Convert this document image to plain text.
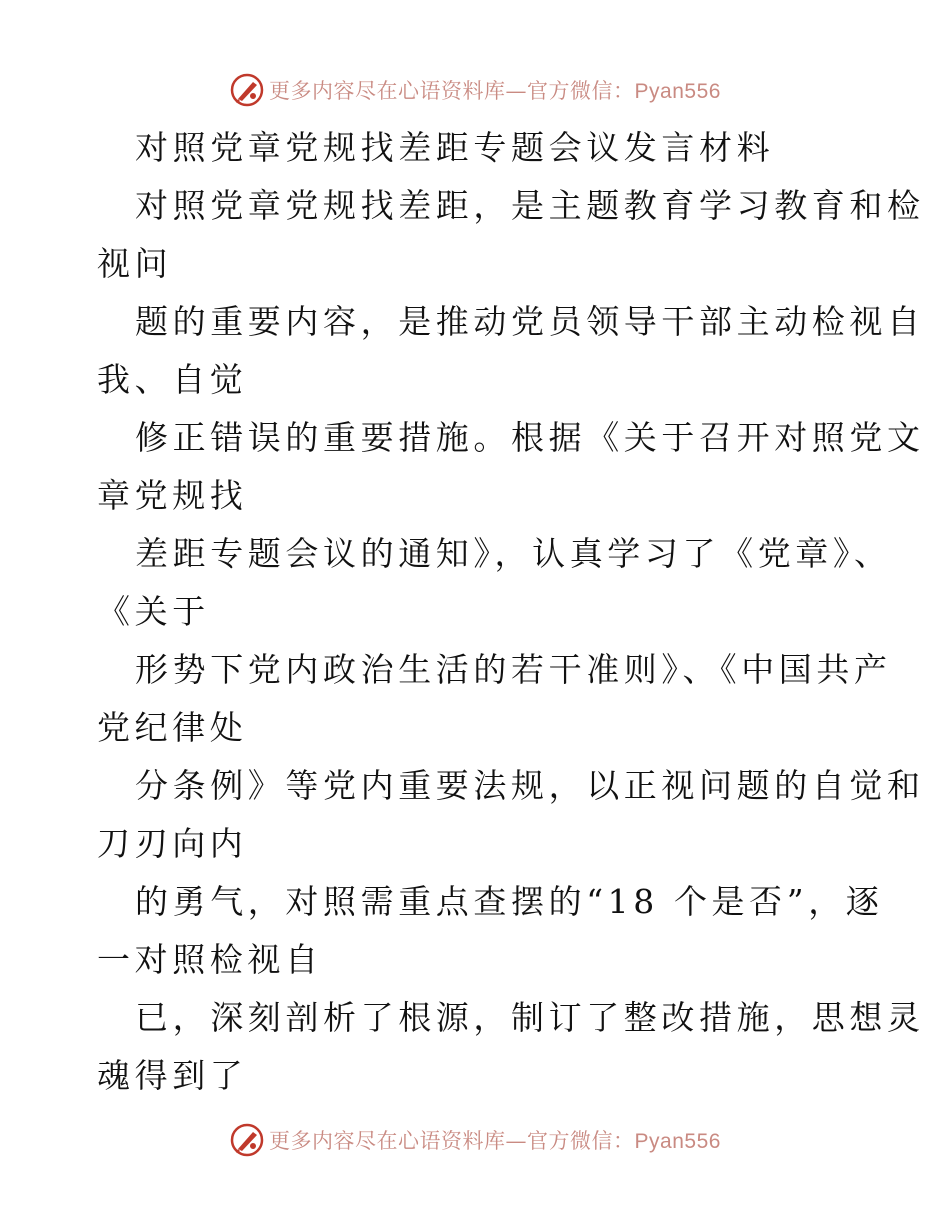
更多内容尽在心语资料库—官方微信：Pyan556
对照党章党规找差距专题会议发言材料
对照党章党规找差距，是主题教育学习教育和检
视问
题的重要内容，是推动党员领导干部主动检视自
我、自觉
修正错误的重要措施。根据《关于召开对照党文
章党规找
差距专题会议的通知》，认真学习了《党章》、
《关于
形势下党内政治生活的若干准则》、《中国共产
党纪律处
分条例》等党内重要法规，以正视问题的自觉和
刀刃向内
的勇气，对照需重点查摆的“18 个是否”，逐
一对照检视自
已，深刻剖析了根源，制订了整改措施，思想灵
魂得到了
更多内容尽在心语资料库—官方微信：Pyan556
